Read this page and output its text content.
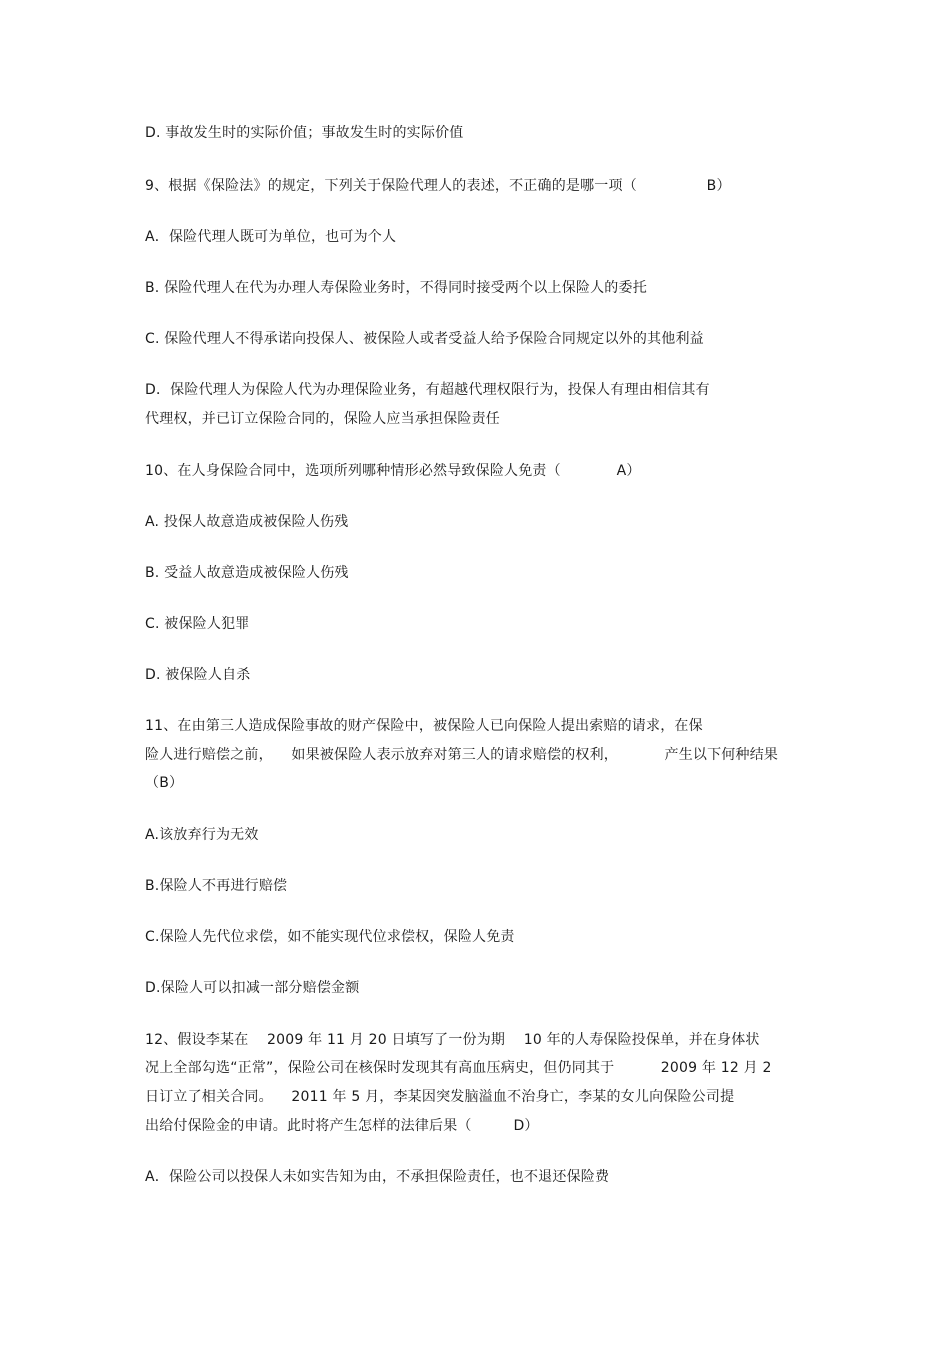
D. 事故发生时的实际价值；事故发生时的实际价值
9、根据《保险法》的规定，下列关于保险代理人的表述，不正确的是哪一项（               B）
A．保险代理人既可为单位，也可为个人
B. 保险代理人在代为办理人寿保险业务时，不得同时接受两个以上保险人的委托
C. 保险代理人不得承诺向投保人、被保险人或者受益人给予保险合同规定以外的其他利益
D．保险代理人为保险人代为办理保险业务，有超越代理权限行为，投保人有理由相信其有
代理权，并已订立保险合同的，保险人应当承担保险责任
10、在人身保险合同中，选项所列哪种情形必然导致保险人免责（            A）
A. 投保人故意造成被保险人伤残
B. 受益人故意造成被保险人伤残
C. 被保险人犯罪
D. 被保险人自杀
11、在由第三人造成保险事故的财产保险中，被保险人已向保险人提出索赔的请求，在保
险人进行赔偿之前，    如果被保险人表示放弃对第三人的请求赔偿的权利，          产生以下何种结果
（B）
A.该放弃行为无效
B.保险人不再进行赔偿
C.保险人先代位求偿，如不能实现代位求偿权，保险人免责
D.保险人可以扣减一部分赔偿金额
12、假设李某在    2009 年 11 月 20 日填写了一份为期    10 年的人寿保险投保单，并在身体状
况上全部勾选“正常”，保险公司在核保时发现其有高血压病史，但仍同其于          2009 年 12 月 2
日订立了相关合同。    2011 年 5 月，李某因突发脑溢血不治身亡，李某的女儿向保险公司提
出给付保险金的申请。此时将产生怎样的法律后果（         D）
A．保险公司以投保人未如实告知为由，不承担保险责任，也不退还保险费
